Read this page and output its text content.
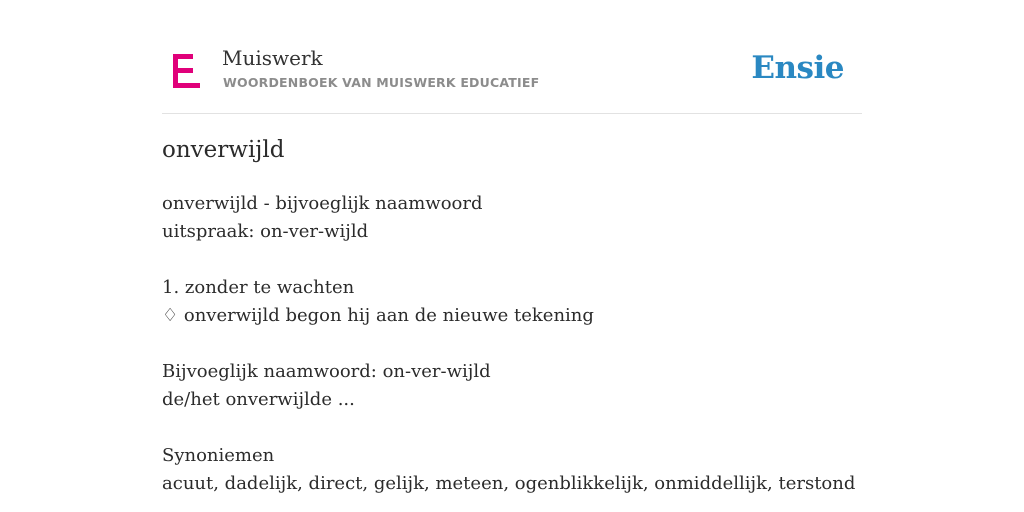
Muiswerk
WOORDENBOEK VAN MUISWERK EDUCATIEF	Ensie
onverwijld
onverwijld - bijvoeglijk naamwoord
uitspraak: on-ver-wijld
1. zonder te wachten
♢ onverwijld begon hij aan de nieuwe tekening
Bijvoeglijk naamwoord: on-ver-wijld
de/het onverwijlde ...
Synoniemen
acuut, dadelijk, direct, gelijk, meteen, ogenblikkelijk, onmiddellijk, terstond
